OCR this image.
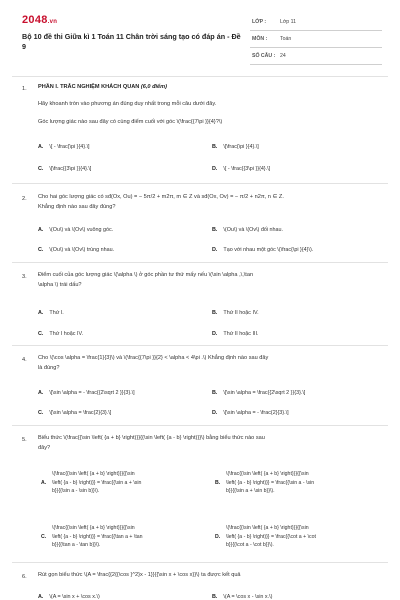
2048.vn
Bộ 10 đề thi Giữa kì 1 Toán 11 Chân trời sáng tạo có đáp án - Đề 9
LỚP :	Lớp 11
MÔN : Toán
SỐ CÂU : 24
1. PHẦN I. TRẮC NGHIỆM KHÁCH QUAN (6,0 điểm)
Hãy khoanh tròn vào phương án đúng duy nhất trong mỗi câu dưới đây.
Góc lượng giác nào sau đây có cùng điểm cuối với góc \(\frac{{7\pi }}{4}?\)
A. \[ - \frac{\pi }{4}.\]	B. \[\frac{\pi }{4}.\]
C. \[\frac{{3\pi }}{4}.\]	D. \[ - \frac{{3\pi }}{4}.\]
2. Cho hai góc lượng giác có sđ(Ox, Ou) = − 5π/2 + m2π, m ∈ Z và sđ(Ox, Ov) = − π/2 + n2π, n ∈ Z.
Khẳng định nào sau đây đúng?
A. \(Ou\) và \(Ov\) vuông góc.	B. \(Ou\) và \(Ov\) đối nhau.
C. \(Ou\) và \(Ov\) trùng nhau.	D. Tạo với nhau một góc \(\frac{\pi }{4}\).
3. Điểm cuối của góc lượng giác \(\alpha \) ở góc phần tư thứ mấy nếu \(\sin \alpha ,\,\tan
\alpha \) trái dấu?
A. Thứ I.	B. Thứ II hoặc IV.
C. Thứ I hoặc IV.	D. Thứ II hoặc III.
4. Cho \(\cos \alpha = \frac{1}{3}\) và \(\frac{{7\pi }}{2} < \alpha < 4\pi .\) Khẳng định nào sau đây
là đúng?
A. \[\sin \alpha = - \frac{{2\sqrt 2 }}{3}.\]	B. \[\sin \alpha = \frac{{2\sqrt 2 }}{3}.\]
C. \[\sin \alpha = \frac{2}{3}.\]	D. \[\sin \alpha = - \frac{2}{3}.\]
5. Biểu thức \(\frac{{\sin \left( {a + b} \right)}}{{\sin \left( {a - b} \right)}}\) bằng biểu thức nào sau
đây?
A.
\(\frac{{\sin \left( {a + b} \right)}}{{\sin
\left( {a - b} \right)}} = \frac{{\sin a + \sin
b}}{{\sin a - \sin b}}\).
B.
\(\frac{{\sin \left( {a + b} \right)}}{{\sin
\left( {a - b} \right)}} = \frac{{\sin a - \sin
b}}{{\sin a + \sin b}}\).
C.
\(\frac{{\sin \left( {a + b} \right)}}{{\sin
\left( {a - b} \right)}} = \frac{{\tan a + \tan
b}}{{\tan a - \tan b}}\).
D.
\(\frac{{\sin \left( {a + b} \right)}}{{\sin
\left( {a - b} \right)}} = \frac{{\cot a + \cot
b}}{{\cot a - \cot b}}\).
6. Rút gọn biểu thức \(A = \frac{{2{{\cos }^2}x - 1}}{{\sin x + \cos x}}\) ta được kết quả
A. \(A = \sin x + \cos x.\)	B. \(A = \cos x - \sin x.\)
